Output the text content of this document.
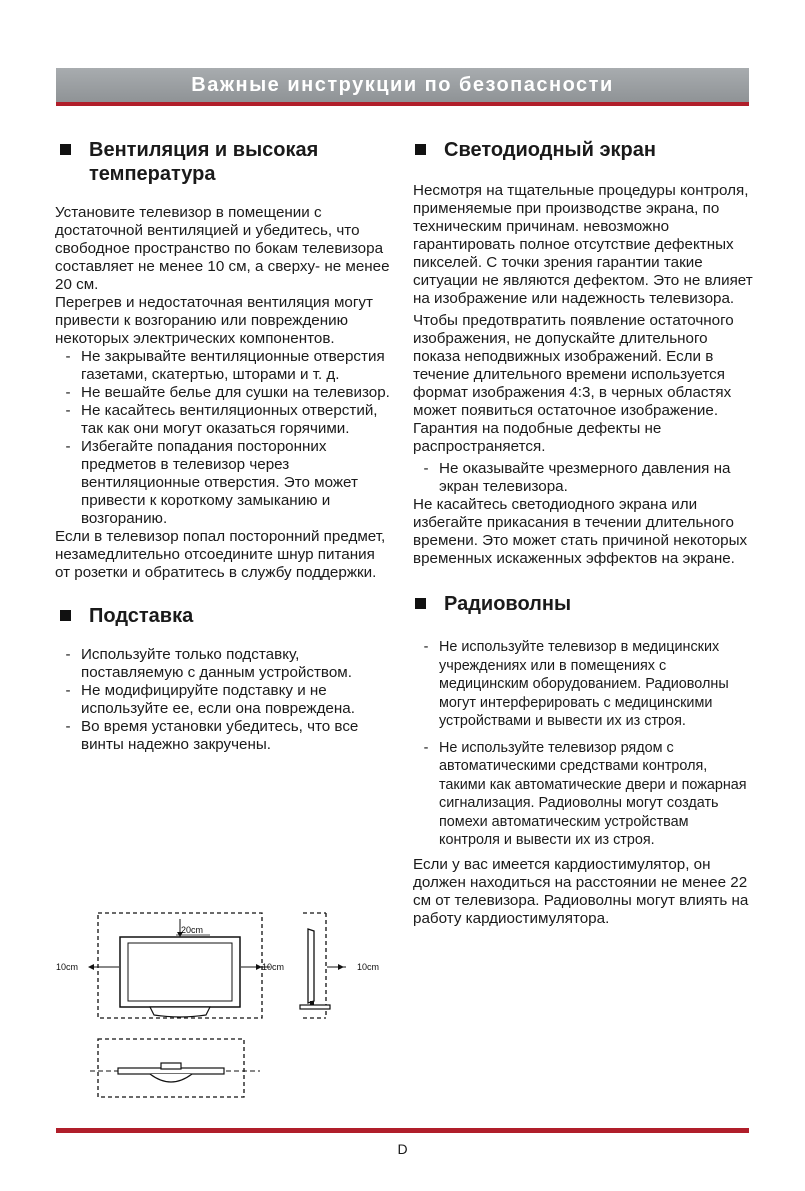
Важные инструкции по безопасности
Вентиляция и высокая температура

Установите телевизор в помещении с достаточной вентиляцией и убедитесь, что свободное пространство по бокам телевизора составляет не менее 10 см, а сверху- не менее 20 см.

Перегрев и недостаточная вентиляция могут привести к возгоранию или повреждению некоторых электрических компонентов.

- Не закрывайте вентиляционные отверстия газетами, скатертью, шторами и т. д.
- Не вешайте белье для сушки на телевизор.
- Не касайтесь вентиляционных отверстий, так как они могут оказаться горячими.
- Избегайте попадания посторонних предметов в телевизор через вентиляционные отверстия. Это может привести к короткому замыканию и возгоранию.

Если в телевизор попал посторонний предмет, незамедлительно отсоедините шнур питания от розетки и обратитесь в службу поддержки.

Подставка
- Используйте только подставку, поставляемую с данным устройством.
- Не модифицируйте подставку и не используйте ее, если она повреждена.
- Во время установки убедитесь, что все винты надежно закручены.
20cm
10cm	10cm	10cm
Светодиодный экран

Несмотря на тщательные процедуры контроля, применяемые при производстве экрана, по техническим причинам. невозможно гарантировать полное отсутствие дефектных пикселей. С точки зрения гарантии такие ситуации не являются дефектом. Это не влияет на изображение или надежность телевизора.

Чтобы предотвратить появление остаточного изображения, не допускайте длительного показа неподвижных изображений. Если в течение длительного времени используется формат изображения 4:3, в черных областях может появиться остаточное изображение. Гарантия на подобные дефекты не распространяется.

- Не оказывайте чрезмерного давления на экран телевизора.

Не касайтесь светодиодного экрана или избегайте прикасания в течении длительного времени. Это может стать причиной некоторых временных искаженных эффектов на экране.

Радиоволны
- Не используйте телевизор в медицинских учреждениях или в помещениях с медицинским оборудованием. Радиоволны могут интерферировать с медицинскими устройствами и вывести их из строя.
- Не используйте телевизор рядом с автоматическими средствами контроля, такими как автоматические двери и пожарная сигнализация. Радиоволны могут создать помехи автоматическим устройствам контроля и вывести их из строя.

Если у вас имеется кардиостимулятор, он должен находиться на расстоянии не менее 22 см от телевизора. Радиоволны могут влиять на работу кардиостимулятора.

D
